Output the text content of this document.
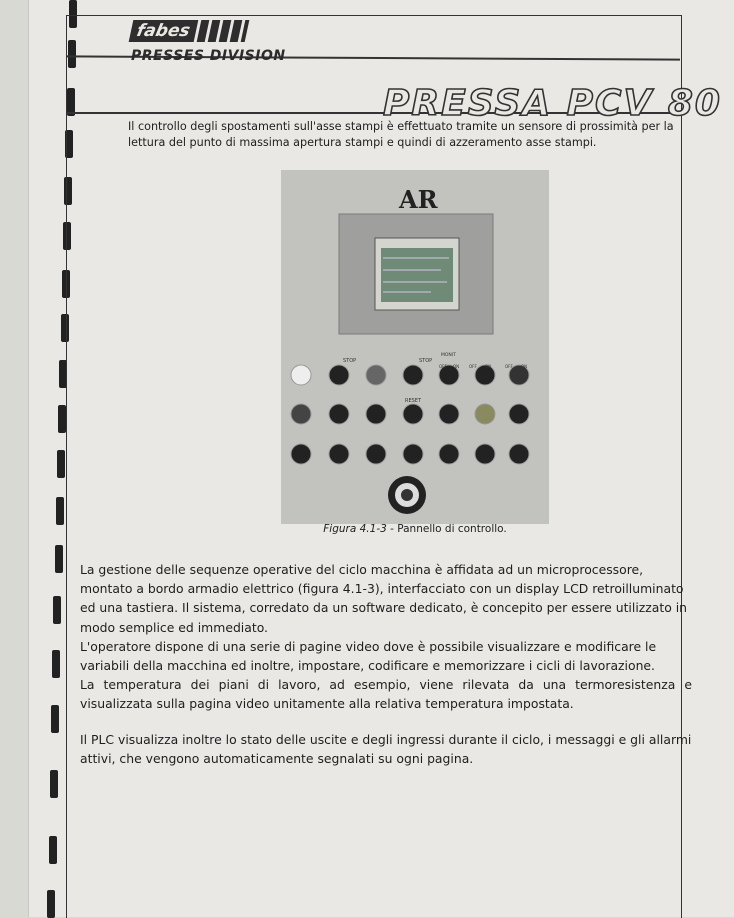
fabes
PRESSES DIVISION
PRESSA PCV 80
Il controllo degli spostamenti sull'asse stampi è effettuato tramite un sensore di prossimità per la lettura del punto di massima apertura stampi e quindi di azzeramento asse stampi.

AR
STOP	STOP
RESET
MONIT
OFF ON OFF ON	OFF ON
Figura 4.1-3 - Pannello di controllo.

La gestione delle sequenze operative del ciclo macchina è affidata ad un microprocessore, montato a bordo armadio elettrico (figura 4.1-3), interfacciato con un display LCD retroilluminato ed una tastiera. Il sistema, corredato da un software dedicato, è concepito per essere utilizzato in modo semplice ed immediato.

L'operatore dispone di una serie di pagine video dove è possibile visualizzare e modificare le variabili della macchina ed inoltre, impostare, codificare e memorizzare i cicli di lavorazione.

La temperatura dei piani di lavoro, ad esempio, viene rilevata da una termoresistenza e visualizzata sulla pagina video unitamente alla relativa temperatura impostata.

Il PLC visualizza inoltre lo stato delle uscite e degli ingressi durante il ciclo, i messaggi e gli allarmi attivi, che vengono automaticamente segnalati su ogni pagina.
